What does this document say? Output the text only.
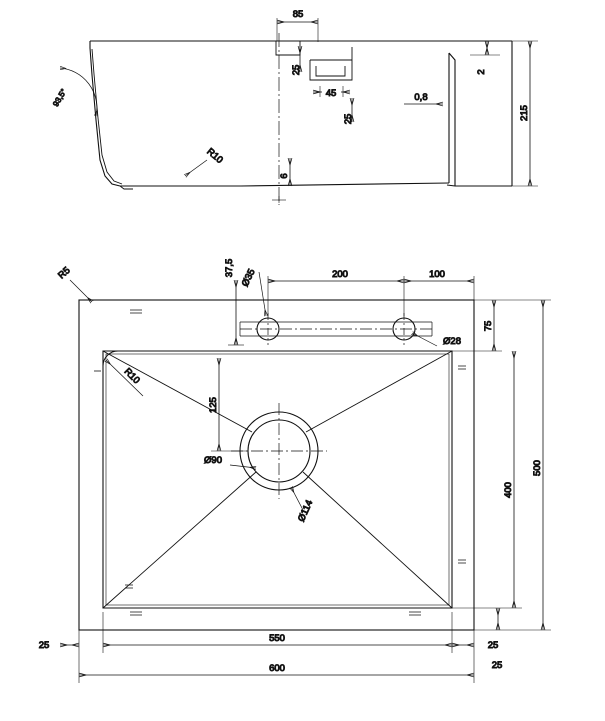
85
25
45
25
0,8
2
215
93,5°
R10
6
R5
R10
37,5 Ø35	200	100
Ø28
75
400
500
125
Ø90
Ø114
550
600
25	25
25
